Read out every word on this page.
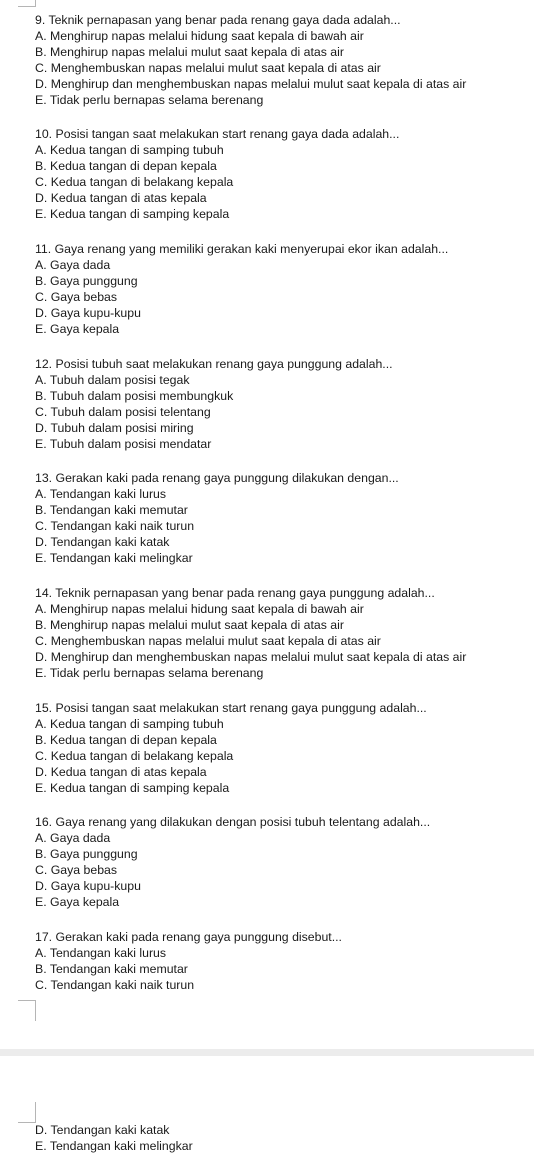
9. Teknik pernapasan yang benar pada renang gaya dada adalah...

A. Menghirup napas melalui hidung saat kepala di bawah air

B. Menghirup napas melalui mulut saat kepala di atas air

C. Menghembuskan napas melalui mulut saat kepala di atas air

D. Menghirup dan menghembuskan napas melalui mulut saat kepala di atas air

E. Tidak perlu bernapas selama berenang

10. Posisi tangan saat melakukan start renang gaya dada adalah...

A. Kedua tangan di samping tubuh

B. Kedua tangan di depan kepala

C. Kedua tangan di belakang kepala

D. Kedua tangan di atas kepala

E. Kedua tangan di samping kepala

11. Gaya renang yang memiliki gerakan kaki menyerupai ekor ikan adalah...

A. Gaya dada

B. Gaya punggung

C. Gaya bebas

D. Gaya kupu-kupu

E. Gaya kepala

12. Posisi tubuh saat melakukan renang gaya punggung adalah...

A. Tubuh dalam posisi tegak

B. Tubuh dalam posisi membungkuk

C. Tubuh dalam posisi telentang

D. Tubuh dalam posisi miring

E. Tubuh dalam posisi mendatar

13. Gerakan kaki pada renang gaya punggung dilakukan dengan...

A. Tendangan kaki lurus

B. Tendangan kaki memutar

C. Tendangan kaki naik turun

D. Tendangan kaki katak

E. Tendangan kaki melingkar

14. Teknik pernapasan yang benar pada renang gaya punggung adalah...

A. Menghirup napas melalui hidung saat kepala di bawah air

B. Menghirup napas melalui mulut saat kepala di atas air

C. Menghembuskan napas melalui mulut saat kepala di atas air

D. Menghirup dan menghembuskan napas melalui mulut saat kepala di atas air

E. Tidak perlu bernapas selama berenang

15. Posisi tangan saat melakukan start renang gaya punggung adalah...

A. Kedua tangan di samping tubuh

B. Kedua tangan di depan kepala

C. Kedua tangan di belakang kepala

D. Kedua tangan di atas kepala

E. Kedua tangan di samping kepala

16. Gaya renang yang dilakukan dengan posisi tubuh telentang adalah...

A. Gaya dada

B. Gaya punggung

C. Gaya bebas

D. Gaya kupu-kupu

E. Gaya kepala

17. Gerakan kaki pada renang gaya punggung disebut...

A. Tendangan kaki lurus

B. Tendangan kaki memutar

C. Tendangan kaki naik turun

D. Tendangan kaki katak

E. Tendangan kaki melingkar
